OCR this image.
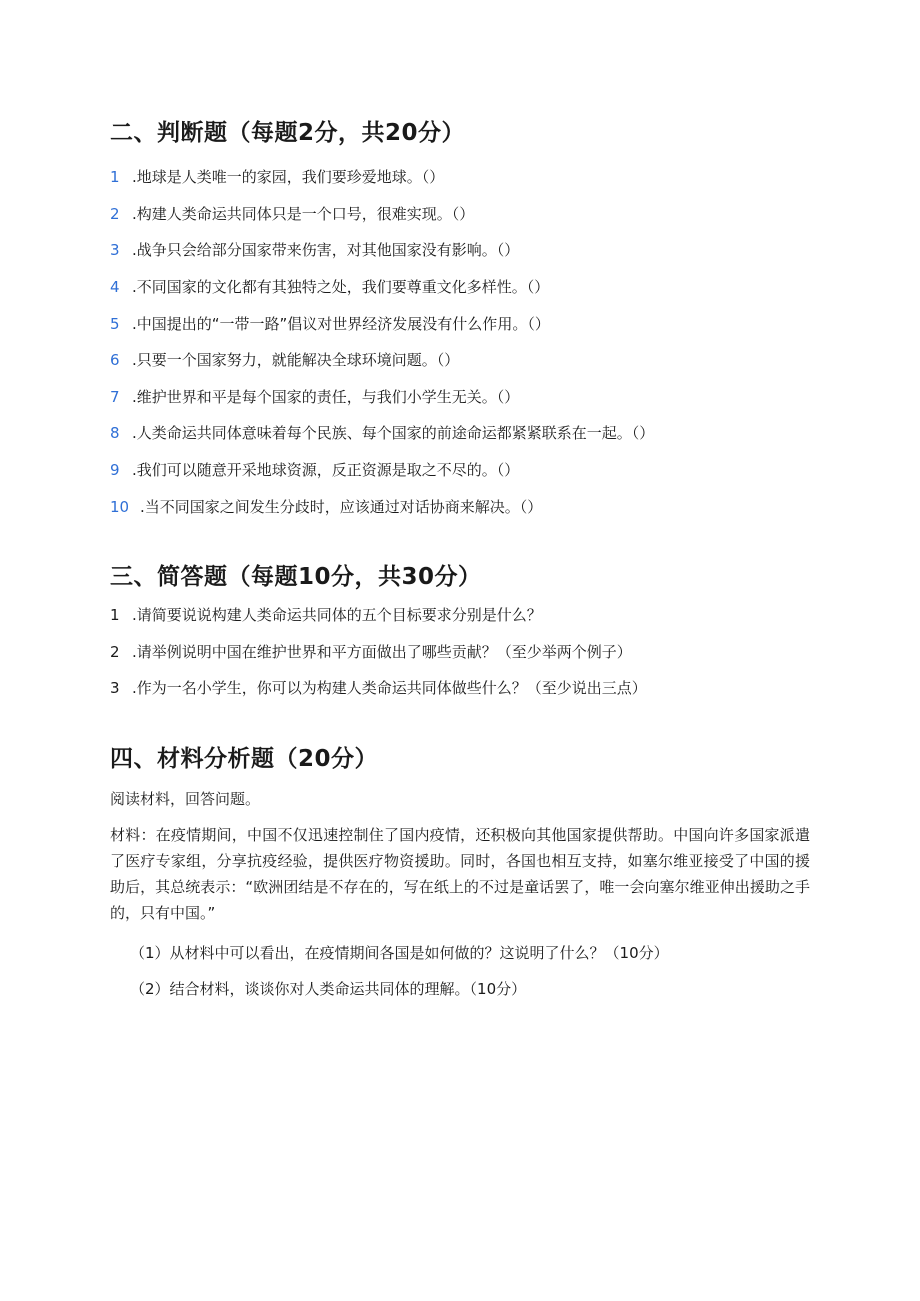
二、判断题（每题2分，共20分）

1 .地球是人类唯一的家园，我们要珍爱地球。（）

2 .构建人类命运共同体只是一个口号，很难实现。（）

3 .战争只会给部分国家带来伤害，对其他国家没有影响。（）

4 .不同国家的文化都有其独特之处，我们要尊重文化多样性。（）

5 .中国提出的“一带一路”倡议对世界经济发展没有什么作用。（）

6 .只要一个国家努力，就能解决全球环境问题。（）

7 .维护世界和平是每个国家的责任，与我们小学生无关。（）

8 .人类命运共同体意味着每个民族、每个国家的前途命运都紧紧联系在一起。（）

9 .我们可以随意开采地球资源，反正资源是取之不尽的。（）

10 .当不同国家之间发生分歧时，应该通过对话协商来解决。（）

三、简答题（每题10分，共30分）

1 .请简要说说构建人类命运共同体的五个目标要求分别是什么？

2 .请举例说明中国在维护世界和平方面做出了哪些贡献？（至少举两个例子）

3 .作为一名小学生，你可以为构建人类命运共同体做些什么？（至少说出三点）

四、材料分析题（20分）

阅读材料，回答问题。

材料：在疫情期间，中国不仅迅速控制住了国内疫情，还积极向其他国家提供帮助。中国向许多国家派遣了医疗专家组，分享抗疫经验，提供医疗物资援助。同时，各国也相互支持，如塞尔维亚接受了中国的援助后，其总统表示：“欧洲团结是不存在的，写在纸上的不过是童话罢了，唯一会向塞尔维亚伸出援助之手的，只有中国。”

（1）从材料中可以看出，在疫情期间各国是如何做的？这说明了什么？（10分）

（2）结合材料，谈谈你对人类命运共同体的理解。（10分）
